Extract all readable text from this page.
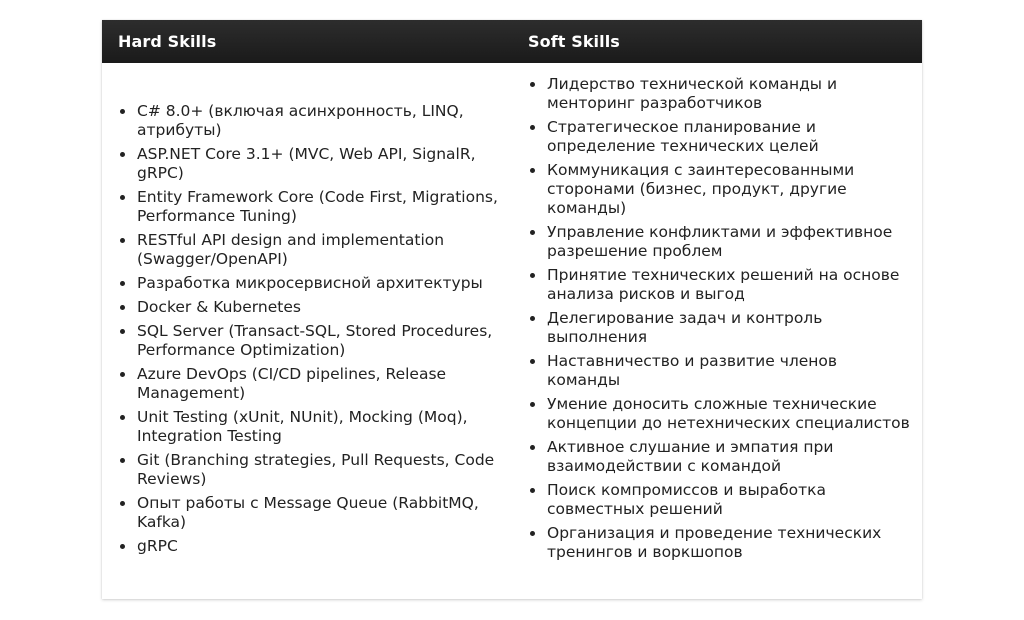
Hard Skills	Soft Skills
C# 8.0+ (включая асинхронность, LINQ, атрибуты)
ASP.NET Core 3.1+ (MVC, Web API, SignalR, gRPC)
Entity Framework Core (Code First, Migrations, Performance Tuning)
RESTful API design and implementation (Swagger/OpenAPI)
Разработка микросервисной архитектуры
Docker & Kubernetes
SQL Server (Transact-SQL, Stored Procedures, Performance Optimization)
Azure DevOps (CI/CD pipelines, Release Management)
Unit Testing (xUnit, NUnit), Mocking (Moq), Integration Testing
Git (Branching strategies, Pull Requests, Code Reviews)
Опыт работы с Message Queue (RabbitMQ, Kafka)
gRPC
Лидерство технической команды и менторинг разработчиков
Стратегическое планирование и определение технических целей
Коммуникация с заинтересованными сторонами (бизнес, продукт, другие команды)
Управление конфликтами и эффективное разрешение проблем
Принятие технических решений на основе анализа рисков и выгод
Делегирование задач и контроль выполнения
Наставничество и развитие членов команды
Умение доносить сложные технические концепции до нетехнических специалистов
Активное слушание и эмпатия при взаимодействии с командой
Поиск компромиссов и выработка совместных решений
Организация и проведение технических тренингов и воркшопов
